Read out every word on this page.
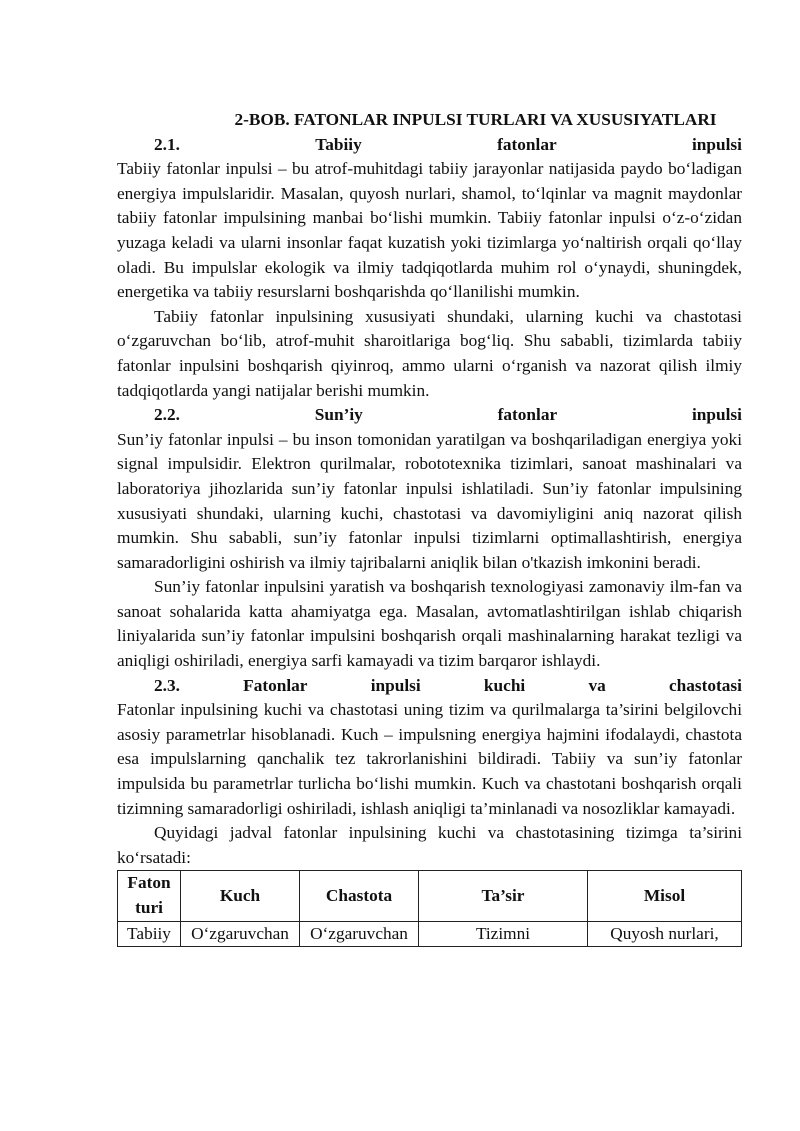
2-BOB. FATONLAR INPULSI TURLARI VA XUSUSIYATLARI
2.1.	Tabiiy	fatonlar	inpulsi

Tabiiy fatonlar inpulsi – bu atrof-muhitdagi tabiiy jarayonlar natijasida paydo bo‘ladigan energiya impulslaridir. Masalan, quyosh nurlari, shamol, to‘lqinlar va magnit maydonlar tabiiy fatonlar impulsining manbai bo‘lishi mumkin. Tabiiy fatonlar inpulsi o‘z-o‘zidan yuzaga keladi va ularni insonlar faqat kuzatish yoki tizimlarga yo‘naltirish orqali qo‘llay oladi. Bu impulslar ekologik va ilmiy tadqiqotlarda muhim rol o‘ynaydi, shuningdek, energetika va tabiiy resurslarni boshqarishda qo‘llanilishi mumkin.

Tabiiy fatonlar inpulsining xususiyati shundaki, ularning kuchi va chastotasi o‘zgaruvchan bo‘lib, atrof-muhit sharoitlariga bog‘liq. Shu sababli, tizimlarda tabiiy fatonlar inpulsini boshqarish qiyinroq, ammo ularni o‘rganish va nazorat qilish ilmiy tadqiqotlarda yangi natijalar berishi mumkin.

2.2.	Sun’iy	fatonlar	inpulsi

Sun’iy fatonlar inpulsi – bu inson tomonidan yaratilgan va boshqariladigan energiya yoki signal impulsidir. Elektron qurilmalar, robototexnika tizimlari, sanoat mashinalari va laboratoriya jihozlarida sun’iy fatonlar inpulsi ishlatiladi. Sun’iy fatonlar impulsining xususiyati shundaki, ularning kuchi, chastotasi va davomiyligini aniq nazorat qilish mumkin. Shu sababli, sun’iy fatonlar inpulsi tizimlarni optimallashtirish, energiya samaradorligini oshirish va ilmiy tajribalarni aniqlik bilan o'tkazish imkonini beradi.

Sun’iy fatonlar inpulsini yaratish va boshqarish texnologiyasi zamonaviy ilm-fan va sanoat sohalarida katta ahamiyatga ega. Masalan, avtomatlashtirilgan ishlab chiqarish liniyalarida sun’iy fatonlar impulsini boshqarish orqali mashinalarning harakat tezligi va aniqligi oshiriladi, energiya sarfi kamayadi va tizim barqaror ishlaydi.

2.3.	Fatonlar	inpulsi	kuchi	va	chastotasi

Fatonlar inpulsining kuchi va chastotasi uning tizim va qurilmalarga ta’sirini belgilovchi asosiy parametrlar hisoblanadi. Kuch – impulsning energiya hajmini ifodalaydi, chastota esa impulslarning qanchalik tez takrorlanishini bildiradi. Tabiiy va sun’iy fatonlar impulsida bu parametrlar turlicha bo‘lishi mumkin. Kuch va chastotani boshqarish orqali tizimning samaradorligi oshiriladi, ishlash aniqligi ta’minlanadi va nosozliklar kamayadi.

Quyidagi jadval fatonlar inpulsining kuchi va chastotasining tizimga ta’sirini ko‘rsatadi:

Faton turi	Kuch	Chastota	Ta’sir	Misol
Tabiiy	O‘zgaruvchan	O‘zgaruvchan	Tizimni	Quyosh nurlari,
